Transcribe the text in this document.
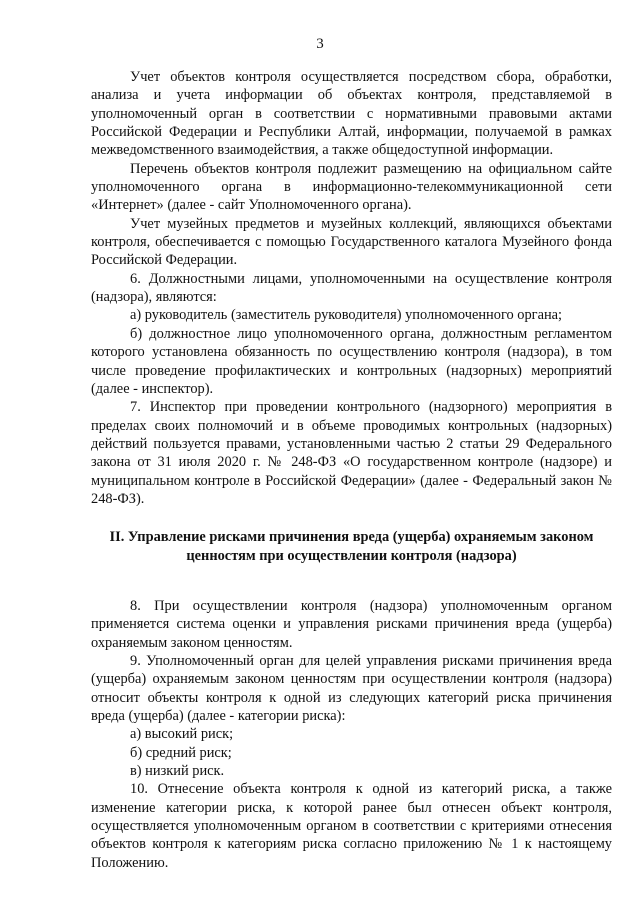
3

Учет объектов контроля осуществляется посредством сбора, обработки, анализа и учета информации об объектах контроля, представляемой в уполномоченный орган в соответствии с нормативными правовыми актами Российской Федерации и Республики Алтай, информации, получаемой в рамках межведомственного взаимодействия, а также общедоступной информации.

Перечень объектов контроля подлежит размещению на официальном сайте уполномоченного органа в информационно-телекоммуникационной сети «Интернет» (далее - сайт Уполномоченного органа).

Учет музейных предметов и музейных коллекций, являющихся объектами контроля, обеспечивается с помощью Государственного каталога Музейного фонда Российской Федерации.

6. Должностными лицами, уполномоченными на осуществление контроля (надзора), являются:

а) руководитель (заместитель руководителя) уполномоченного органа;

б) должностное лицо уполномоченного органа, должностным регламентом которого установлена обязанность по осуществлению контроля (надзора), в том числе проведение профилактических и контрольных (надзорных) мероприятий (далее - инспектор).

7. Инспектор при проведении контрольного (надзорного) мероприятия в пределах своих полномочий и в объеме проводимых контрольных (надзорных) действий пользуется правами, установленными частью 2 статьи 29 Федерального закона от 31 июля 2020 г. № 248-ФЗ «О государственном контроле (надзоре) и муниципальном контроле в Российской Федерации» (далее - Федеральный закон № 248-ФЗ).

II. Управление рисками причинения вреда (ущерба) охраняемым законом ценностям при осуществлении контроля (надзора)

8. При осуществлении контроля (надзора) уполномоченным органом применяется система оценки и управления рисками причинения вреда (ущерба) охраняемым законом ценностям.

9. Уполномоченный орган для целей управления рисками причинения вреда (ущерба) охраняемым законом ценностям при осуществлении контроля (надзора) относит объекты контроля к одной из следующих категорий риска причинения вреда (ущерба) (далее - категории риска):

а) высокий риск;

б) средний риск;

в) низкий риск.

10. Отнесение объекта контроля к одной из категорий риска, а также изменение категории риска, к которой ранее был отнесен объект контроля, осуществляется уполномоченным органом в соответствии с критериями отнесения объектов контроля к категориям риска согласно приложению № 1 к настоящему Положению.
